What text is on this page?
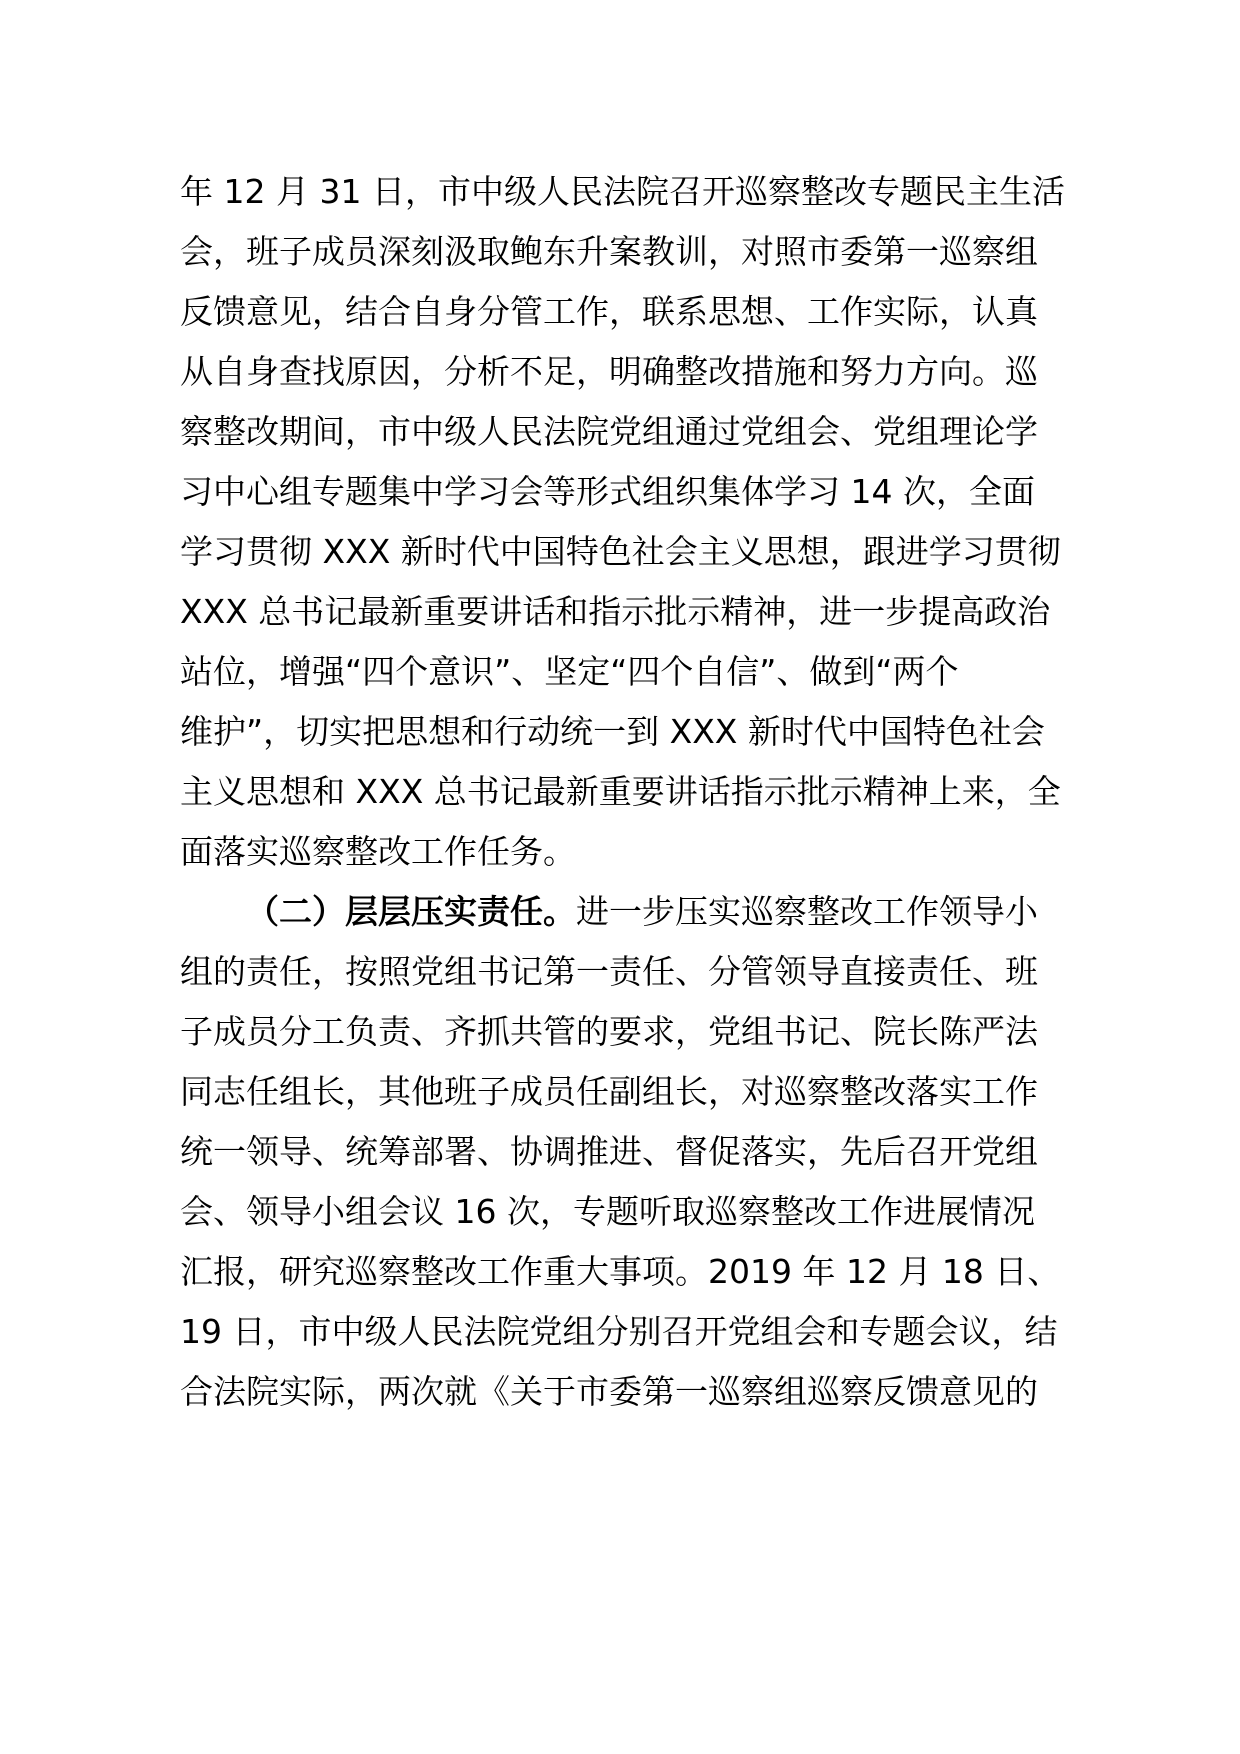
年 12 月 31 日，市中级人民法院召开巡察整改专题民主生活
会，班子成员深刻汲取鲍东升案教训，对照市委第一巡察组
反馈意见，结合自身分管工作，联系思想、工作实际，认真
从自身查找原因，分析不足，明确整改措施和努力方向。巡
察整改期间，市中级人民法院党组通过党组会、党组理论学
习中心组专题集中学习会等形式组织集体学习 14 次，全面
学习贯彻 XXX 新时代中国特色社会主义思想，跟进学习贯彻
XXX 总书记最新重要讲话和指示批示精神，进一步提高政治
站位，增强“四个意识”、坚定“四个自信”、做到“两个
维护”，切实把思想和行动统一到 XXX 新时代中国特色社会
主义思想和 XXX 总书记最新重要讲话指示批示精神上来，全
面落实巡察整改工作任务。
（二）层层压实责任。进一步压实巡察整改工作领导小
组的责任，按照党组书记第一责任、分管领导直接责任、班
子成员分工负责、齐抓共管的要求，党组书记、院长陈严法
同志任组长，其他班子成员任副组长，对巡察整改落实工作
统一领导、统筹部署、协调推进、督促落实，先后召开党组
会、领导小组会议 16 次，专题听取巡察整改工作进展情况
汇报，研究巡察整改工作重大事项。2019 年 12 月 18 日、
19 日，市中级人民法院党组分别召开党组会和专题会议，结
合法院实际，两次就《关于市委第一巡察组巡察反馈意见的
